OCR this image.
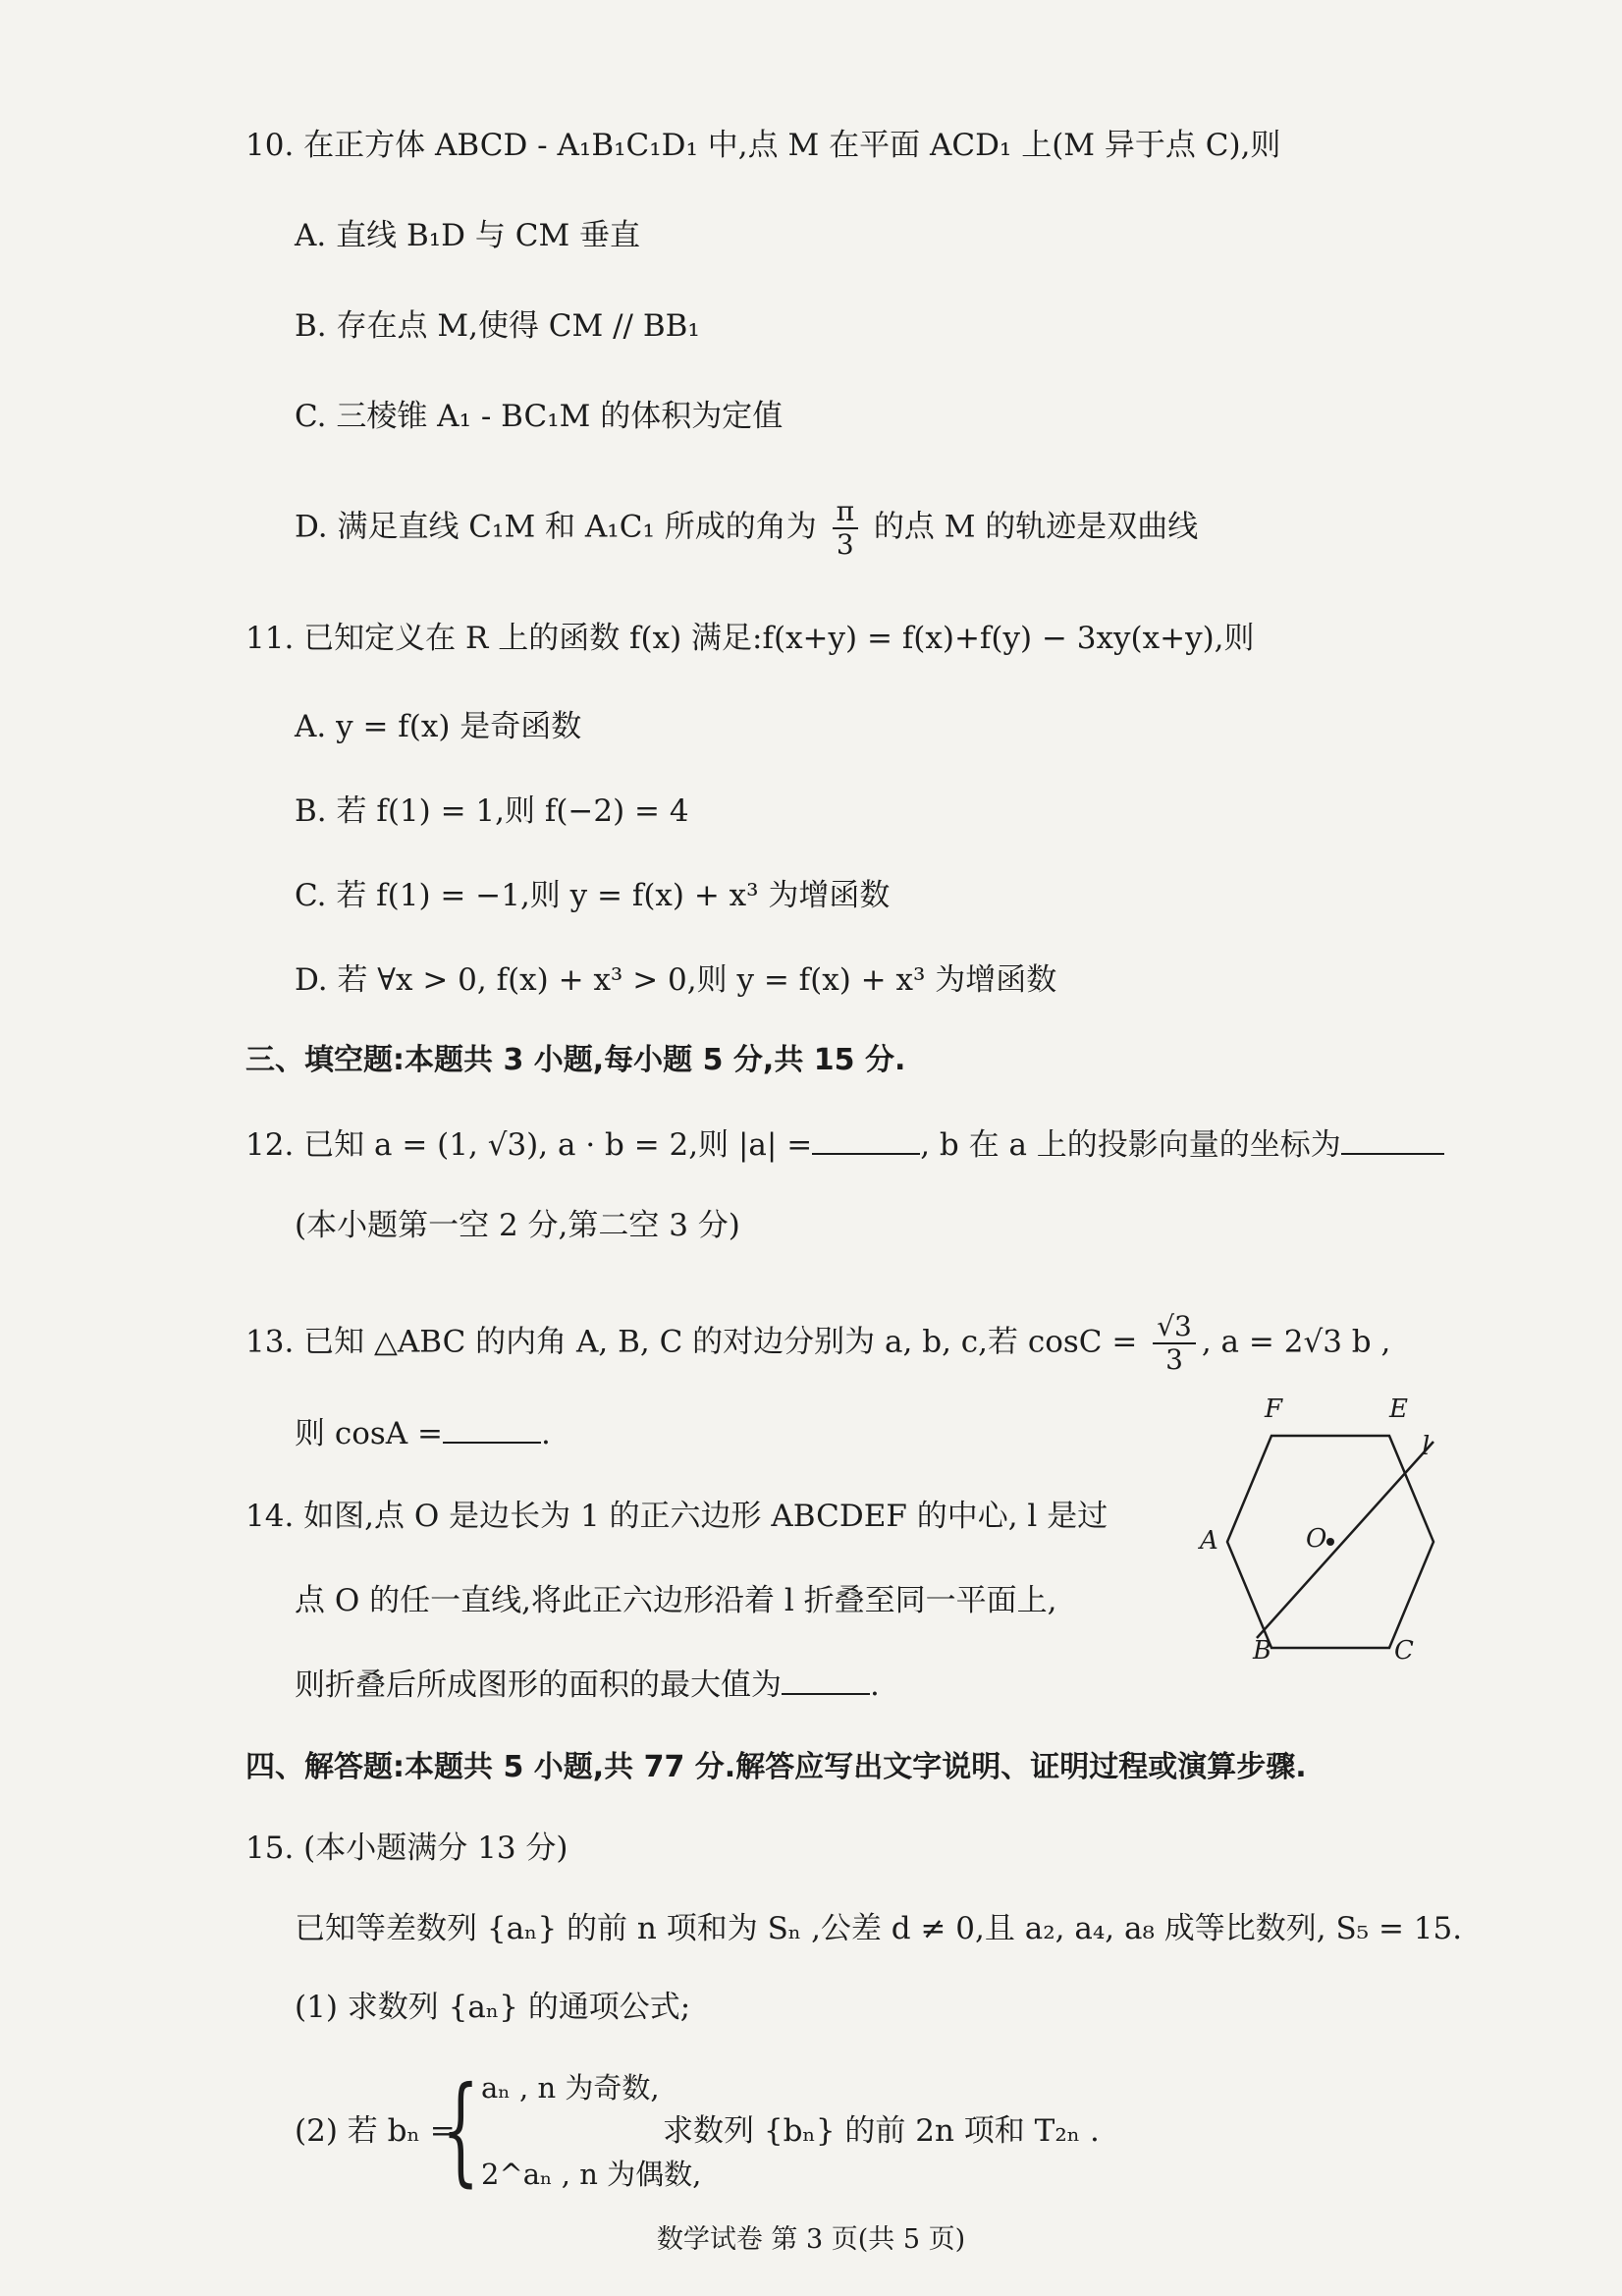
10. 在正方体 ABCD - A₁B₁C₁D₁ 中,点 M 在平面 ACD₁ 上(M 异于点 C),则
A. 直线 B₁D 与 CM 垂直
B. 存在点 M,使得 CM // BB₁
C. 三棱锥 A₁ - BC₁M 的体积为定值
D. 满足直线 C₁M 和 A₁C₁ 所成的角为 $\frac{\pi}{3}$ 的点 M 的轨迹是双曲线
11. 已知定义在 R 上的函数 f(x) 满足:f(x+y) = f(x)+f(y) − 3xy(x+y),则
A. y = f(x) 是奇函数
B. 若 f(1) = 1,则 f(−2) = 4
C. 若 f(1) = −1,则 y = f(x) + x³ 为增函数
D. 若 ∀x > 0, f(x) + x³ > 0,则 y = f(x) + x³ 为增函数
三、填空题:本题共 3 小题,每小题 5 分,共 15 分.
12. 已知 a = (1, √3), a · b = 2,则 |a| =	, b 在 a 上的投影向量的坐标为
(本小题第一空 2 分,第二空 3 分)
13. 已知 △ABC 的内角 A, B, C 的对边分别为 a, b, c,若 $\cos C = \frac{√3}{3}$ , a = 2√3 b ,
则 cosA =	.
14. 如图,点 O 是边长为 1 的正六边形 ABCDEF 的中心, l 是过
点 O 的任一直线,将此正六边形沿着 l 折叠至同一平面上,
则折叠后所成图形的面积的最大值为	.
F	E
l
A	O
B	C
四、解答题:本题共 5 小题,共 77 分.解答应写出文字说明、证明过程或演算步骤.
15. (本小题满分 13 分)
已知等差数列 {aₙ} 的前 n 项和为 Sₙ ,公差 d ≠ 0,且 a₂, a₄, a₈ 成等比数列, S₅ = 15.
(1) 求数列 {aₙ} 的通项公式;
(2) 若 bₙ =
{ aₙ , n 为奇数,
2^aₙ , n 为偶数,
求数列 {bₙ} 的前 2n 项和 T₂ₙ .
数学试卷 第 3 页(共 5 页)
